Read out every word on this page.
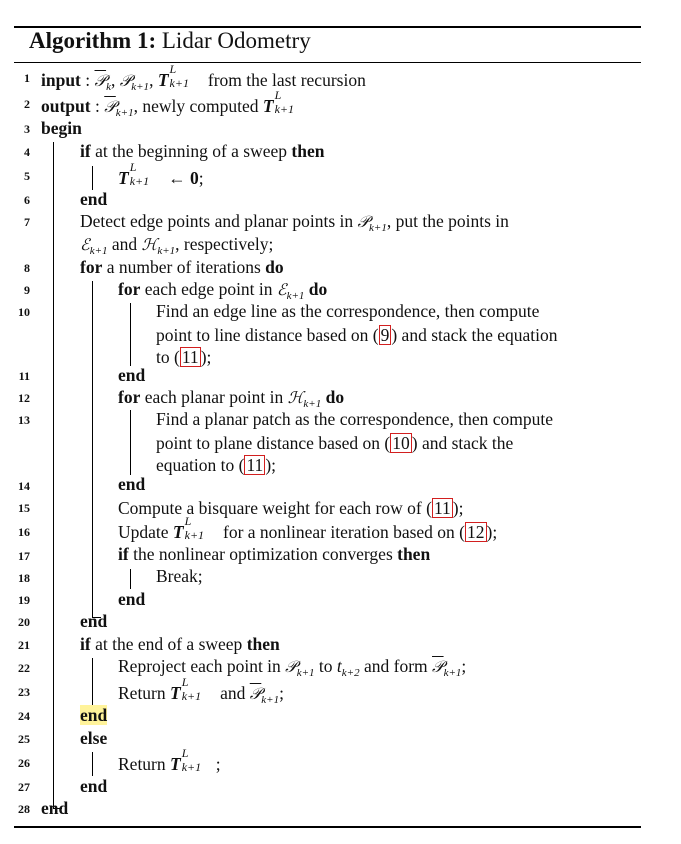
Algorithm 1: Lidar Odometry
1
2
3
4
5
6
7
8
9
10
11
12
13
14
15
16
17
18
19
20
21
22
23
24
25
26
27
28
input : 𝒫$_k$, 𝒫$_{k+1}$, T
L
k+1 from the last recursion
output : 𝒫$_{k+1}$, newly computed T
L
k+1
begin
if at the beginning of a sweep then
T
L
k+1 ← 0;
end
Detect edge points and planar points in 𝒫$_{k+1}$, put the points in
ℰ$_{k+1}$ and ℋ$_{k+1}$, respectively;
for a number of iterations do
for each edge point in ℰ$_{k+1}$ do
Find an edge line as the correspondence, then compute
point to line distance based on ( 9 ) and stack the equation
to ( 11 );
end
for each planar point in ℋ$_{k+1}$ do
Find a planar patch as the correspondence, then compute
point to plane distance based on ( 10 ) and stack the
equation to ( 11 );
end
Compute a bisquare weight for each row of ( 11 );
Update T
L
k+1 for a nonlinear iteration based on ( 12 );
if the nonlinear optimization converges then
Break;
end
end
if at the end of a sweep then
Reproject each point in 𝒫$_{k+1}$ to $t_{k+2}$ and form 𝒫$_{k+1}$;
Return T
L
k+1 and 𝒫$_{k+1}$;
end
else
Return T
L
k+1 ;
end
end
